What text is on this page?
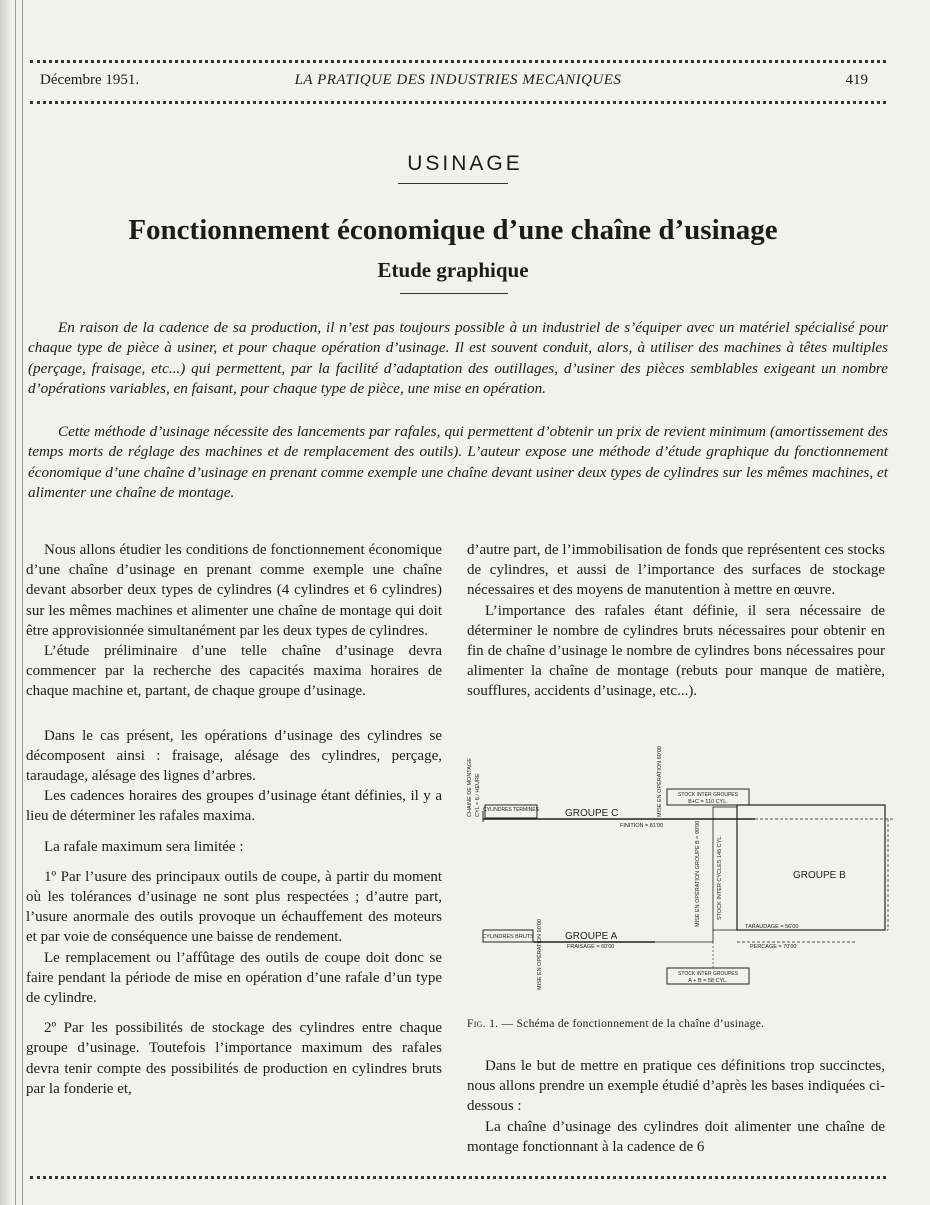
Décembre 1951.	LA PRATIQUE DES INDUSTRIES MECANIQUES	419
USINAGE
Fonctionnement économique d’une chaîne d’usinage
Etude graphique

En raison de la cadence de sa production, il n’est pas toujours possible à un industriel de s’équiper avec un matériel spécialisé pour chaque type de pièce à usiner, et pour chaque opération d’usinage. Il est souvent conduit, alors, à utiliser des machines à têtes multiples (perçage, fraisage, etc...) qui permettent, par la facilité d’adaptation des outillages, d’usiner des pièces semblables exigeant un nombre d’opérations variables, en faisant, pour chaque type de pièce, une mise en opération.

Cette méthode d’usinage nécessite des lancements par rafales, qui permettent d’obtenir un prix de revient minimum (amortissement des temps morts de réglage des machines et de remplacement des outils). L’auteur expose une méthode d’étude graphique du fonctionnement économique d’une chaîne d’usinage en prenant comme exemple une chaîne devant usiner deux types de cylindres sur les mêmes machines, et alimenter une chaîne de montage.

Nous allons étudier les conditions de fonctionnement économique d’une chaîne d’usinage en prenant comme exemple une chaîne devant absorber deux types de cylindres (4 cylindres et 6 cylindres) sur les mêmes machines et alimenter une chaîne de montage qui doit être approvisionnée simultanément par les deux types de cylindres.

L’étude préliminaire d’une telle chaîne d’usinage devra commencer par la recherche des capacités maxima horaires de chaque machine et, partant, de chaque groupe d’usinage.

Dans le cas présent, les opérations d’usinage des cylindres se décomposent ainsi : fraisage, alésage des cylindres, perçage, taraudage, alésage des lignes d’arbres.

Les cadences horaires des groupes d’usinage étant définies, il y a lieu de déterminer les rafales maxima.

La rafale maximum sera limitée :

1º Par l’usure des principaux outils de coupe, à partir du moment où les tolérances d’usinage ne sont plus respectées ; d’autre part, l’usure anormale des outils provoque un échauffement des moteurs et par voie de conséquence une baisse de rendement.

Le remplacement ou l’affûtage des outils de coupe doit donc se faire pendant la période de mise en opération d’une rafale d’un type de cylindre.

2º Par les possibilités de stockage des cylindres entre chaque groupe d’usinage. Toutefois l’importance maximum des rafales devra tenir compte des possibilités de production en cylindres bruts par la fonderie et,

d’autre part, de l’immobilisation de fonds que représentent ces stocks de cylindres, et aussi de l’importance des surfaces de stockage nécessaires et des moyens de manutention à mettre en œuvre.

L’importance des rafales étant définie, il sera nécessaire de déterminer le nombre de cylindres bruts nécessaires pour obtenir en fin de chaîne d’usinage le nombre de cylindres bons nécessaires pour alimenter la chaîne de montage (rebuts pour manque de matière, soufflures, accidents d’usinage, etc...).

CHAINE DE MONTAGE CYL = 6 / HEURE CYLINDRES TERMINÉS	GROUPE C
FINITION = 81'00
MISE EN OPÉRATION 60'00	STOCK INTER GROUPES
B+C = 110 CYL.
GROUPE B
MISE EN OPÉRATION GROUPE B = 90'00	STOCK INTER CYCLES 145 CYL.
TARAUDAGE = 56'00
CYLINDRES BRUTS	GROUPE A
FRAISAGE = 60'00	PERCAGE = 70'00
MISE EN OPÉRATION 90'00	STOCK INTER GROUPES
A + B = 58 CYL.
Fig. 1. — Schéma de fonctionnement de la chaîne d’usinage.

Dans le but de mettre en pratique ces définitions trop succinctes, nous allons prendre un exemple étudié d’après les bases indiquées ci-dessous :

La chaîne d’usinage des cylindres doit alimenter une chaîne de montage fonctionnant à la cadence de 6
